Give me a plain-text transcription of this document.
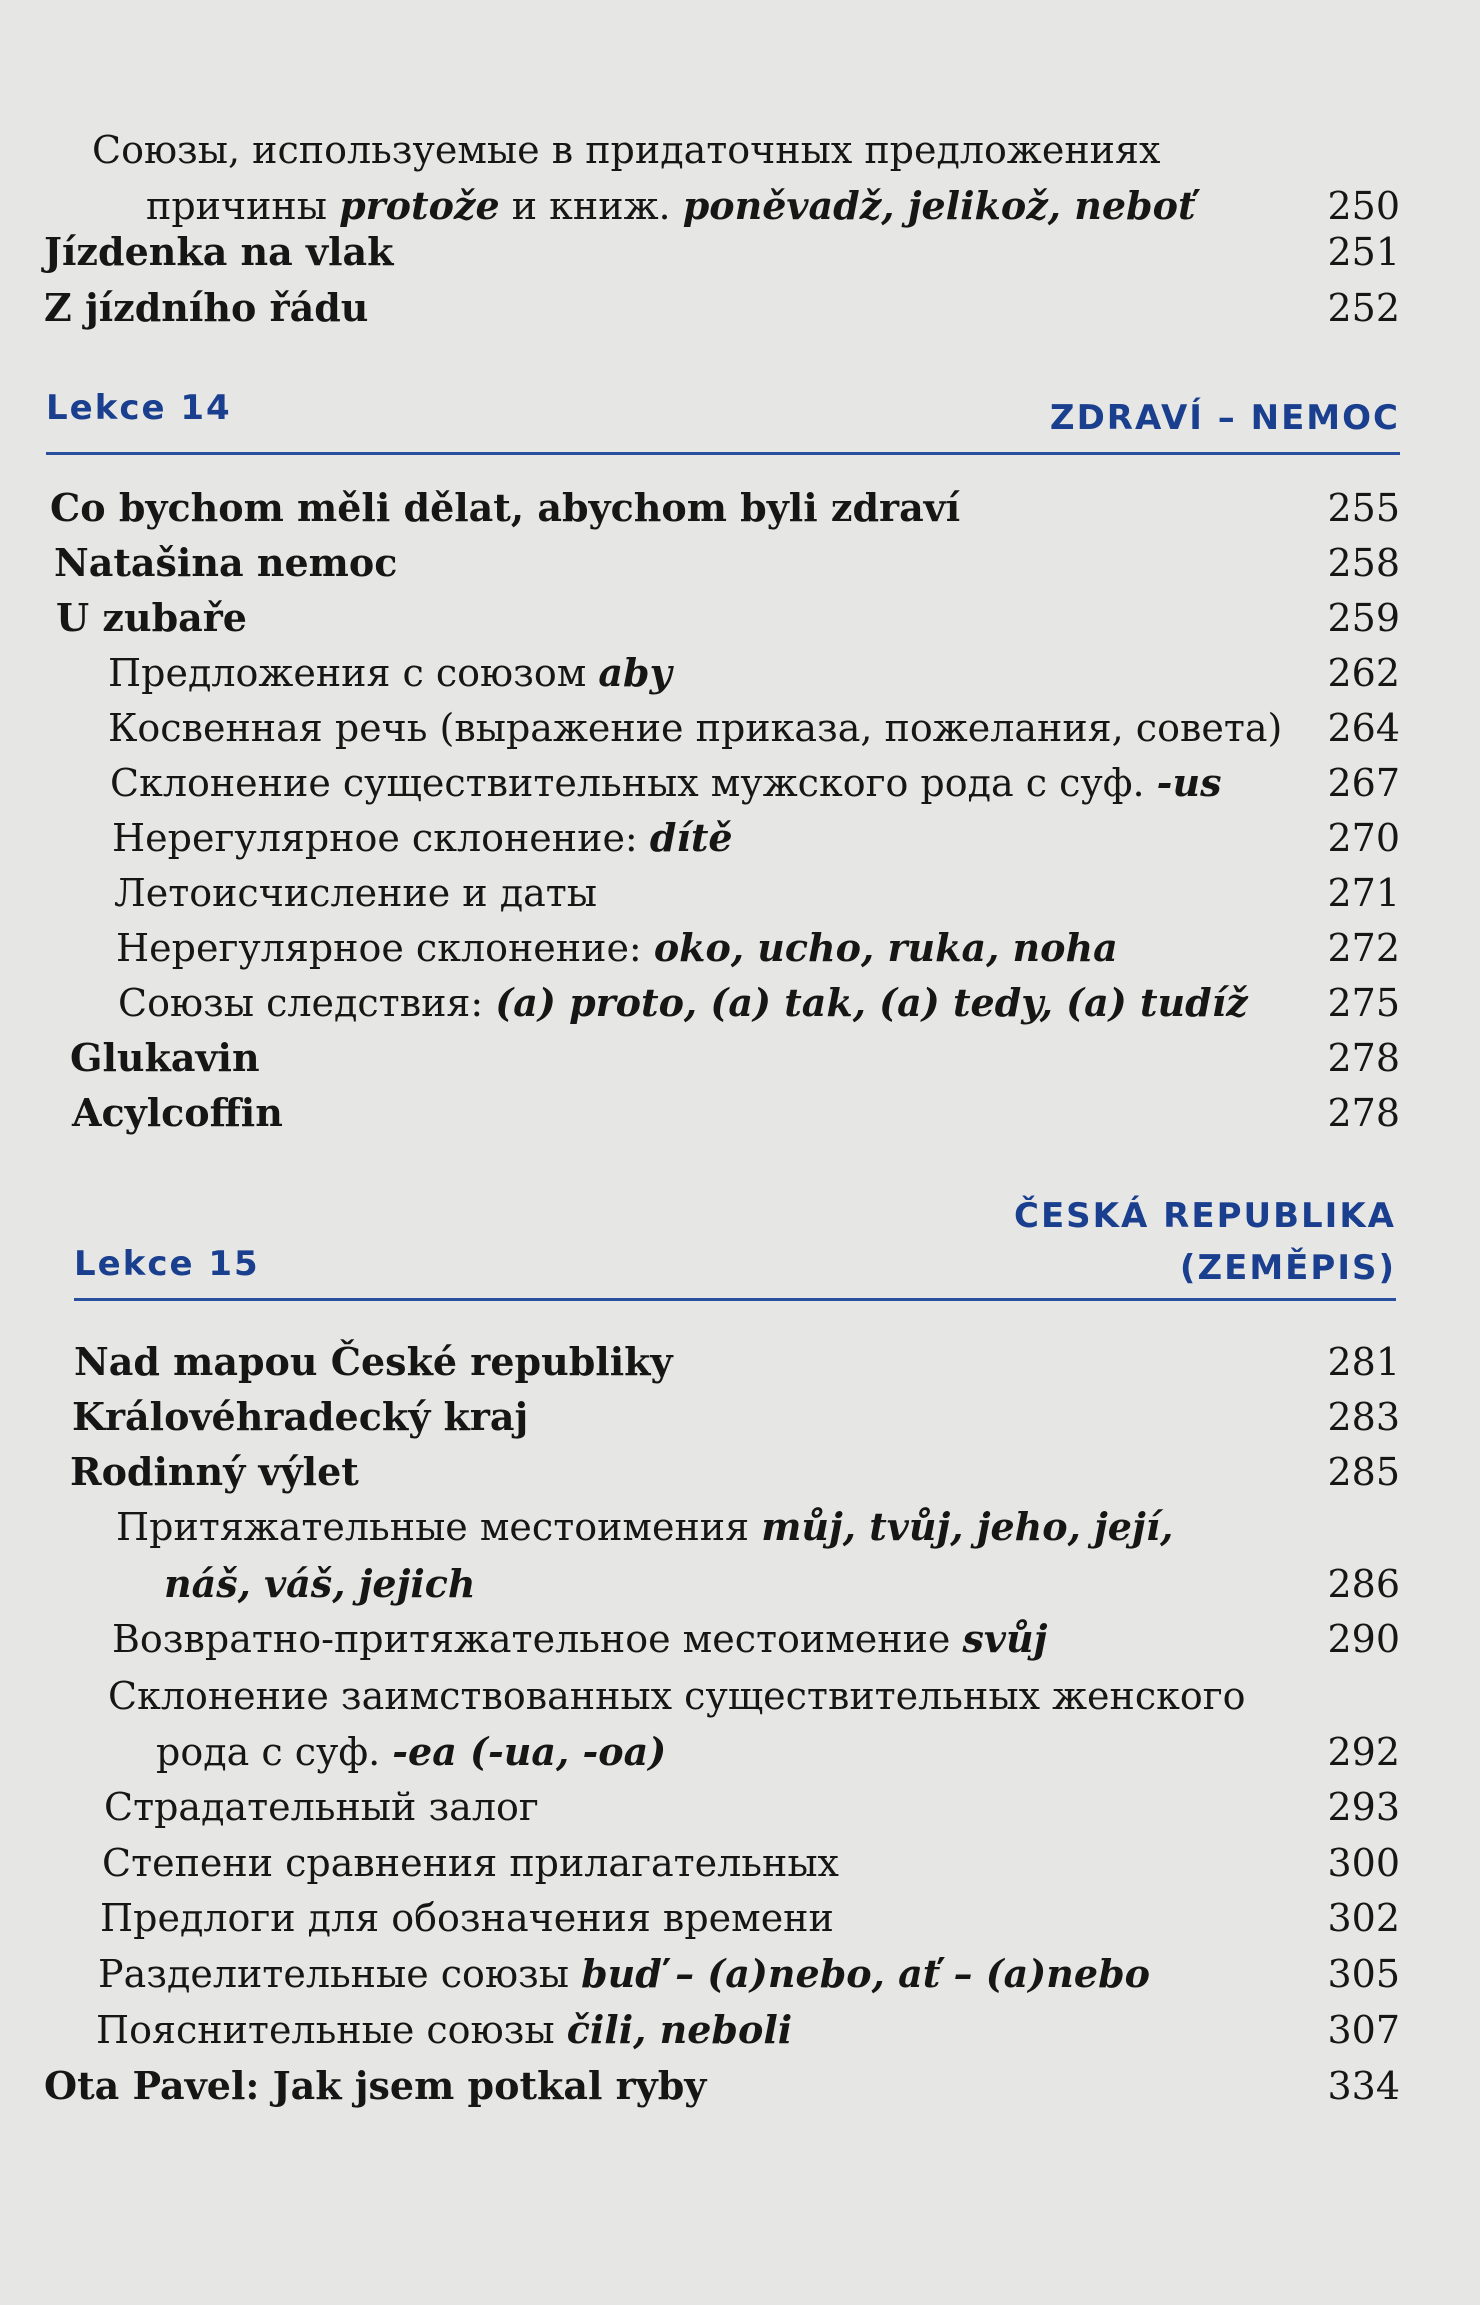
Союзы, используемые в придаточных предложениях
причины protože и книж. poněvadž, jelikož, neboť	250
Jízdenka na vlak	251
Z jízdního řádu	252
Lekce 14	ZDRAVÍ – NEMOC
Co bychom měli dělat, abychom byli zdraví	255
Natašina nemoc	258
U zubaře	259
Предложения с союзом aby	262
Косвенная речь (выражение приказа, пожелания, совета)	264
Склонение существительных мужского рода с суф. -us	267
Нерегулярное склонение: dítě	270
Летоисчисление и даты	271
Нерегулярное склонение: oko, ucho, ruka, noha	272
Союзы следствия: (a) proto, (a) tak, (a) tedy, (a) tudíž	275
Glukavin	278
Acylcoffin	278
Lekce 15
ČESKÁ REPUBLIKA
(ZEMĚPIS)
Nad mapou České republiky	281
Královéhradecký kraj	283
Rodinný výlet	285
Притяжательные местоимения můj, tvůj, jeho, její,
náš, váš, jejich	286
Возвратно-притяжательное местоимение svůj	290
Склонение заимствованных существительных женского
рода с суф. -ea (-ua, -oa)	292
Страдательный залог	293
Степени сравнения прилагательных	300
Предлоги для обозначения времени	302
Разделительные союзы buď – (a)nebo, ať – (a)nebo	305
Пояснительные союзы čili, neboli	307
Ota Pavel: Jak jsem potkal ryby	334
